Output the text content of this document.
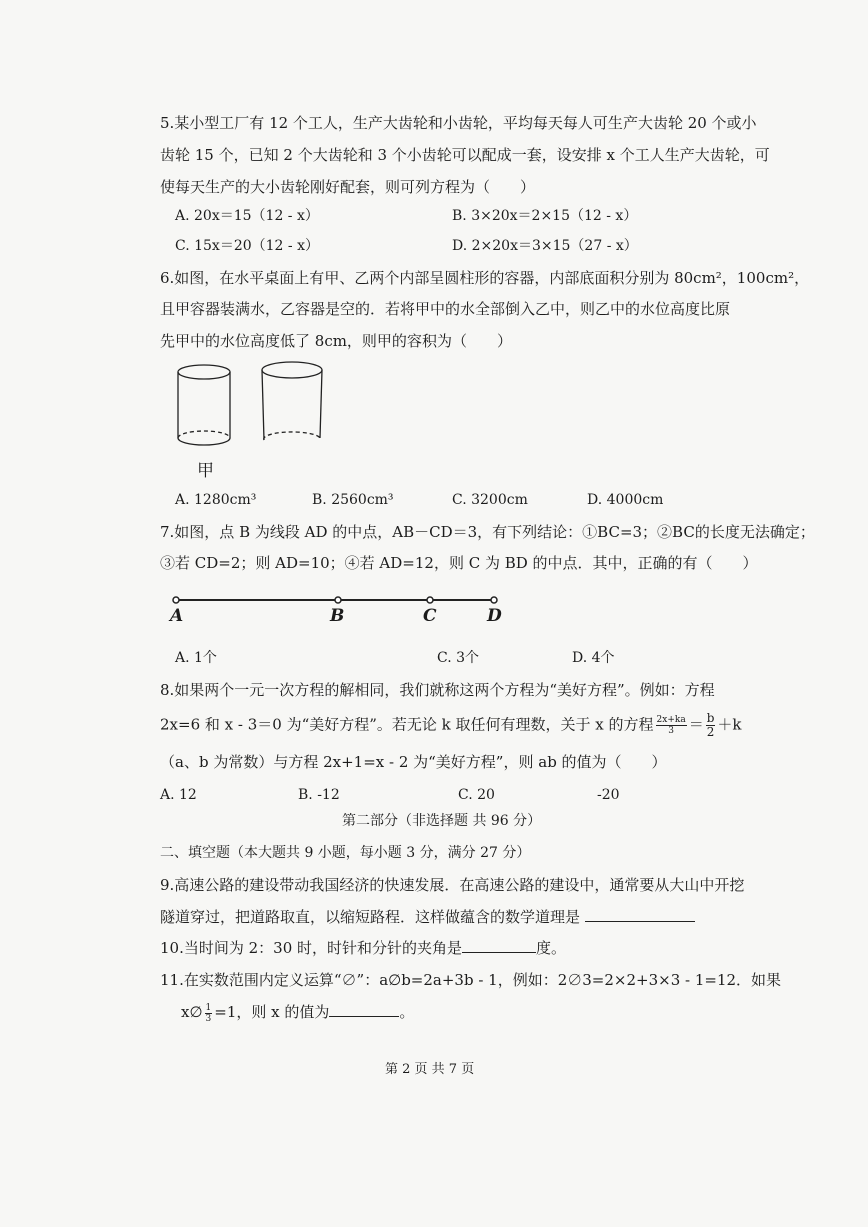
5.某小型工厂有 12 个工人，生产大齿轮和小齿轮，平均每天每人可生产大齿轮 20 个或小
齿轮 15 个，已知 2 个大齿轮和 3 个小齿轮可以配成一套，设安排 x 个工人生产大齿轮，可
使每天生产的大小齿轮刚好配套，则可列方程为（　　）
A. 20x＝15（12 - x）	B. 3×20x＝2×15（12 - x）
C. 15x＝20（12 - x）	D. 2×20x＝3×15（27 - x）
6.如图，在水平桌面上有甲、乙两个内部呈圆柱形的容器，内部底面积分别为 80cm²，100cm²，
且甲容器装满水，乙容器是空的．若将甲中的水全部倒入乙中，则乙中的水位高度比原
先甲中的水位高度低了 8cm，则甲的容积为（　　）
甲
A. 1280cm³	B. 2560cm³	C. 3200cm	D. 4000cm
7.如图，点 B 为线段 AD 的中点，AB－CD＝3，有下列结论：①BC=3；②BC的长度无法确定；
③若 CD=2；则 AD=10；④若 AD=12，则 C 为 BD 的中点．其中，正确的有（　　）
A	B	C	D
A. 1个	C. 3个	D. 4个
8.如果两个一元一次方程的解相同，我们就称这两个方程为“美好方程”。例如：方程
2x=6 和 x - 3＝0 为“美好方程”。若无论 k 取任何有理数，关于 x 的方程 $\frac{2x+ka}{3} = \frac{b}{2} +k$
（a、b 为常数）与方程 2x+1=x - 2 为“美好方程”，则 ab 的值为（　　）
A. 12	B. -12	C. 20	-20
第二部分（非选择题 共 96 分）
二、填空题（本大题共 9 小题，每小题 3 分，满分 27 分）
9.高速公路的建设带动我国经济的快速发展．在高速公路的建设中，通常要从大山中开挖
隧道穿过，把道路取直，以缩短路程．这样做蕴含的数学道理是
10.当时间为 2：30 时，时针和分针的夹角是	度。
11.在实数范围内定义运算“∅”：a∅b=2a+3b - 1，例如：2∅3=2×2+3×3 - 1=12．如果
x∅ $\frac{1}{3} =1$，则 x 的值为	。
第 2 页 共 7 页
